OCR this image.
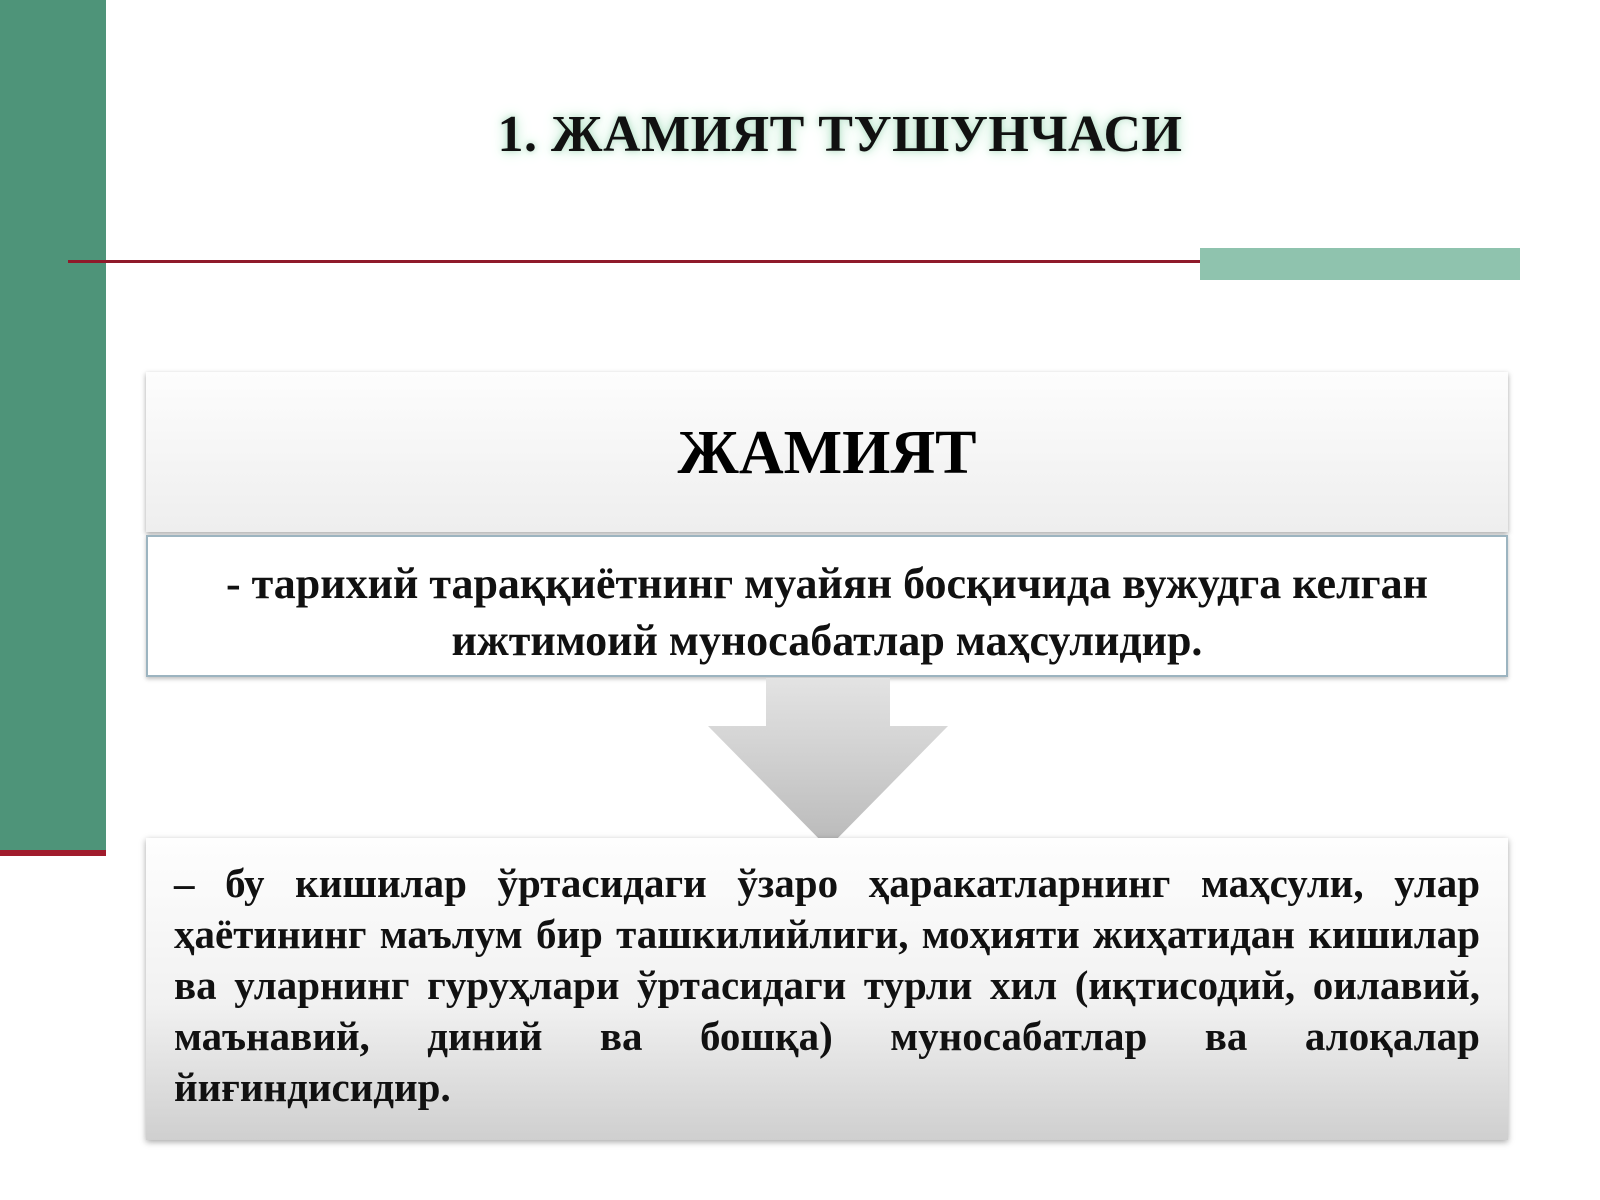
1. ЖАМИЯТ ТУШУНЧАСИ
ЖАМИЯТ
- тарихий тараққиётнинг муайян босқичида вужудга келган ижтимоий муносабатлар маҳсулидир.
– бу кишилар ўртасидаги ўзаро ҳаракатларнинг маҳсули, улар ҳаётининг маълум бир ташкилийлиги, моҳияти жиҳатидан кишилар ва уларнинг гуруҳлари ўртасидаги турли хил (иқтисодий, оилавий, маънавий, диний ва бошқа) муносабатлар ва алоқалар йиғиндисидир.
